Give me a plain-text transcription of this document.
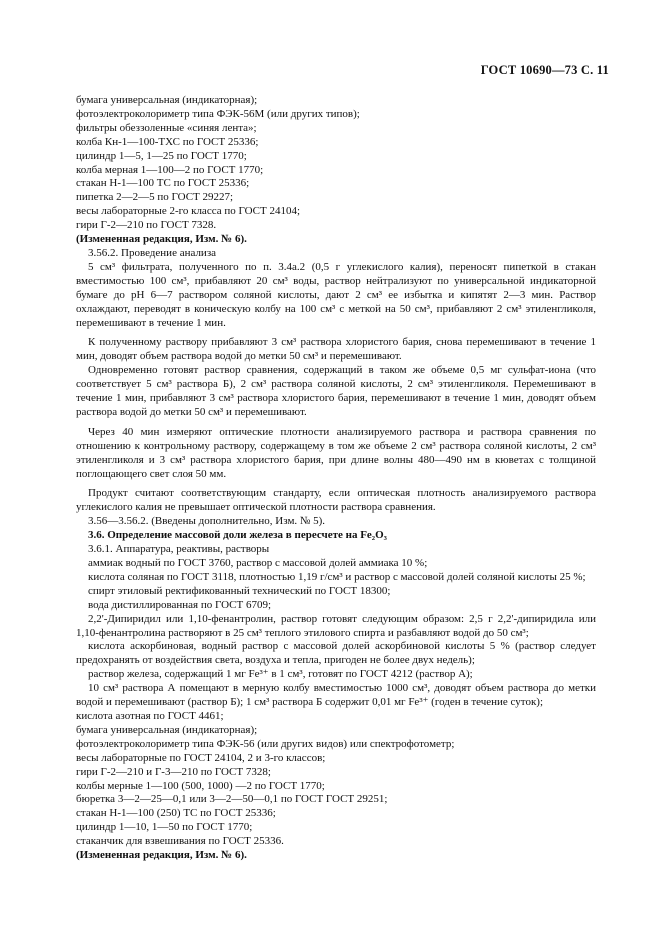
ГОСТ 10690—73 С. 11

бумага универсальная (индикаторная);

фотоэлектроколориметр типа ФЭК-56М (или других типов);

фильтры обеззоленные «синяя лента»;

колба Кн-1—100-ТХС по ГОСТ 25336;

цилиндр 1—5, 1—25 по ГОСТ 1770;

колба мерная 1—100—2 по ГОСТ 1770;

стакан Н-1—100 ТС по ГОСТ 25336;

пипетка 2—2—5 по ГОСТ 29227;

весы лабораторные 2-го класса по ГОСТ 24104;

гири Г-2—210 по ГОСТ 7328.

(Измененная редакция, Изм. № 6).

3.56.2. Проведение анализа

5 см³ фильтрата, полученного по п. 3.4а.2 (0,5 г углекислого калия), переносят пипеткой в стакан вместимостью 100 см³, прибавляют 20 см³ воды, раствор нейтрализуют по универсальной индикаторной бумаге до pH 6—7 раствором соляной кислоты, дают 2 см³ ее избытка и кипятят 2—3 мин. Раствор охлаждают, переводят в коническую колбу на 100 см³ с меткой на 50 см³, прибавляют 2 см³ этиленгликоля, перемешивают в течение 1 мин.

К полученному раствору прибавляют 3 см³ раствора хлористого бария, снова перемешивают в течение 1 мин, доводят объем раствора водой до метки 50 см³ и перемешивают.

Одновременно готовят раствор сравнения, содержащий в таком же объеме 0,5 мг сульфат-иона (что соответствует 5 см³ раствора Б), 2 см³ раствора соляной кислоты, 2 см³ этиленгликоля. Перемешивают в течение 1 мин, прибавляют 3 см³ раствора хлористого бария, перемешивают в течение 1 мин, доводят объем раствора водой до метки 50 см³ и перемешивают.

Через 40 мин измеряют оптические плотности анализируемого раствора и раствора сравнения по отношению к контрольному раствору, содержащему в том же объеме 2 см³ раствора соляной кислоты, 2 см³ этиленгликоля и 3 см³ раствора хлористого бария, при длине волны 480—490 нм в кюветах с толщиной поглощающего свет слоя 50 мм.

Продукт считают соответствующим стандарту, если оптическая плотность анализируемого раствора углекислого калия не превышает оптической плотности раствора сравнения.

3.56—3.56.2. (Введены дополнительно, Изм. № 5).

3.6. Определение массовой доли железа в пересчете на Fe₂O₃

3.6.1. Аппаратура, реактивы, растворы

аммиак водный по ГОСТ 3760, раствор с массовой долей аммиака 10 %;

кислота соляная по ГОСТ 3118, плотностью 1,19 г/см³ и раствор с массовой долей соляной кислоты 25 %;

спирт этиловый ректификованный технический по ГОСТ 18300;

вода дистиллированная по ГОСТ 6709;

2,2'-Дипиридил или 1,10-фенантролин, раствор готовят следующим образом: 2,5 г 2,2'-дипиридила или 1,10-фенантролина растворяют в 25 см³ теплого этилового спирта и разбавляют водой до 50 см³;

кислота аскорбиновая, водный раствор с массовой долей аскорбиновой кислоты 5 % (раствор следует предохранять от воздействия света, воздуха и тепла, пригоден не более двух недель);

раствор железа, содержащий 1 мг Fe³⁺ в 1 см³, готовят по ГОСТ 4212 (раствор А);

10 см³ раствора А помещают в мерную колбу вместимостью 1000 см³, доводят объем раствора до метки водой и перемешивают (раствор Б); 1 см³ раствора Б содержит 0,01 мг Fe³⁺ (годен в течение суток);

кислота азотная по ГОСТ 4461;

бумага универсальная (индикаторная);

фотоэлектроколориметр типа ФЭК-56 (или других видов) или спектрофотометр;

весы лабораторные по ГОСТ 24104, 2 и 3-го классов;

гири Г-2—210 и Г-3—210 по ГОСТ 7328;

колбы мерные 1—100 (500, 1000) —2 по ГОСТ 1770;

бюретка 3—2—25—0,1 или 3—2—50—0,1 по ГОСТ ГОСТ 29251;

стакан Н-1—100 (250) ТС по ГОСТ 25336;

цилиндр 1—10, 1—50 по ГОСТ 1770;

стаканчик для взвешивания по ГОСТ 25336.

(Измененная редакция, Изм. № 6).
